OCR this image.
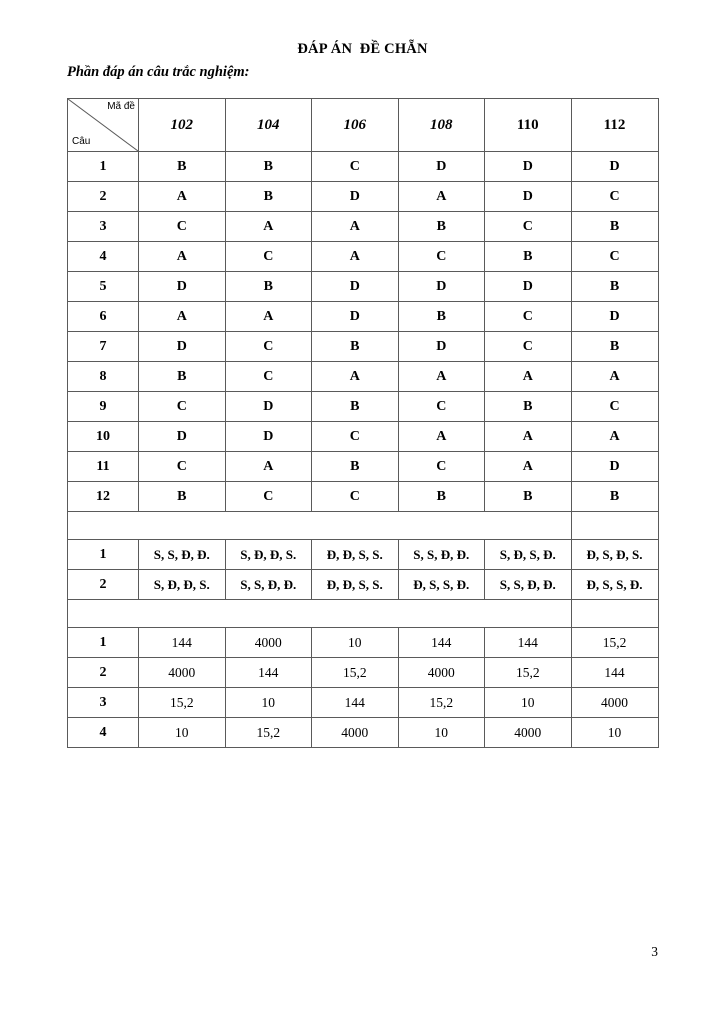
ĐÁP ÁN  ĐỀ CHẴN
Phần đáp án câu trắc nghiệm:
Mã đề
Câu	102	104	106	108	110	112
1	B	B	C	D	D	D
2	A	B	D	A	D	C
3	C	A	A	B	C	B
4	A	C	A	C	B	C
5	D	B	D	D	D	B
6	A	A	D	B	C	D
7	D	C	B	D	C	B
8	B	C	A	A	A	A
9	C	D	B	C	B	C
10	D	D	C	A	A	A
11	C	A	B	C	A	D
12	B	C	C	B	B	B

1	S, S, Đ, Đ.	S, Đ, Đ, S.	Đ, Đ, S, S.	S, S, Đ, Đ.	S, Đ, S, Đ.	Đ, S, Đ, S.
2	S, Đ, Đ, S.	S, S, Đ, Đ.	Đ, Đ, S, S.	Đ, S, S, Đ.	S, S, Đ, Đ.	Đ, S, S, Đ.

1	144	4000	10	144	144	15,2
2	4000	144	15,2	4000	15,2	144
3	15,2	10	144	15,2	10	4000
4	10	15,2	4000	10	4000	10
3
